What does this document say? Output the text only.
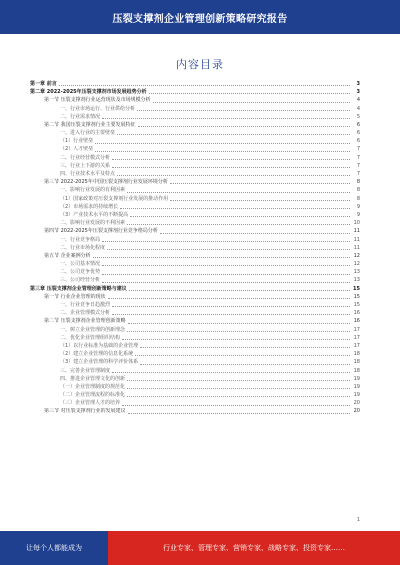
压裂支撑剂企业管理创新策略研究报告
内容目录
第一章 前言	3
第二章 2022-2025年压裂支撑剂市场发展趋势分析	3
第一节 压裂支撑剂行业运营现状及市场规模分析	4
一、行业市场运行、行业供给分析	4
二、行业需求情况	5
第二节 我国压裂支撑剂行业主要发展特征	6
一、进入行业的主要壁垒	6
（1）行业壁垒	6
（2）人才壁垒	7
二、行业经营模式分析	7
三、行业上下游的关系	7
四、行业技术水平及特点	7
第三节 2022-2025年中国压裂支撑剂行业发展环境分析	8
一、影响行业发展的有利因素	8
（1）国家政策对压裂支撑剂行业发展的推动作用	8
（2）市场需求的持续增长	9
（3）产业技术水平的不断提高	9
二、影响行业发展的不利因素	10
第四节 2022-2025年压裂支撑剂行业竞争格局分析	11
一、行业竞争格局	11
二、行业市场化程度	11
第五节 企业案例分析	12
一、公司基本情况	12
二、公司竞争优势	13
三、公司经营分析	13
第三章 压裂支撑剂企业管理创新策略与建议	15
第一节 行业企业管理的现状	15
一、行业竞争日趋激烈	15
二、企业管理模式分析	16
第二节 压裂支撑剂企业管理创新策略	16
一、树立企业管理的创新理念	17
二、优化企业管理组织结构	17
（1）以行业标准为基础的企业管理	17
（2）建立企业管理的信息化系统	18
（3）建立企业管理的科学评价体系	18
三、完善企业管理制度	18
四、推进企业管理文化的创新	19
（一）企业管理制度的规范化	19
（二）企业管理流程的标准化	19
（三）企业管理人才的培养	20
第三节 对压裂支撑剂行业的发展建议	20
1
让每个人都能成为	行业专家、管理专家、营销专家、战略专家、投资专家……
